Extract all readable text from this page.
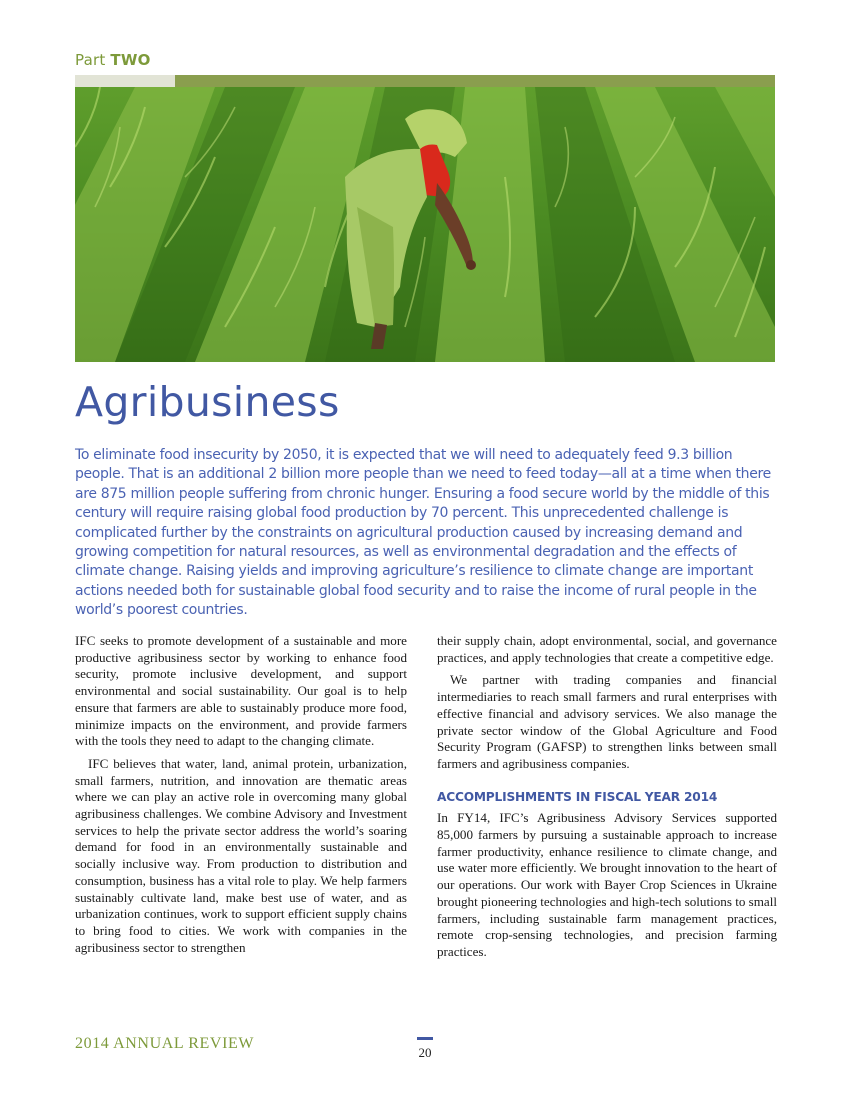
Part TWO
Agribusiness

To eliminate food insecurity by 2050, it is expected that we will need to adequately feed 9.3 billion people. That is an additional 2 billion more people than we need to feed today—all at a time when there are 875 million people suffering from chronic hunger. Ensuring a food secure world by the middle of this century will require raising global food production by 70 percent. This unprecedented challenge is complicated further by the constraints on agricultural production caused by increasing demand and growing competition for natural resources, as well as environmental degradation and the effects of climate change. Raising yields and improving agriculture’s resilience to climate change are important actions needed both for sustainable global food security and to raise the income of rural people in the world’s poorest countries.

IFC seeks to promote development of a sustainable and more productive agribusiness sector by working to enhance food security, promote inclusive development, and support environmental and social sustainability. Our goal is to help ensure that farmers are able to sustainably produce more food, minimize impacts on the environment, and provide farmers with the tools they need to adapt to the changing climate.

IFC believes that water, land, animal protein, urbanization, small farmers, nutrition, and innovation are thematic areas where we can play an active role in overcoming many global agribusiness challenges. We combine Advisory and Investment services to help the private sector address the world’s soaring demand for food in an environmentally sustainable and socially inclusive way. From production to distribution and consumption, business has a vital role to play. We help farmers sustainably cultivate land, make best use of water, and as urbanization continues, work to support efficient supply chains to bring food to cities. We work with companies in the agribusiness sector to strengthen

their supply chain, adopt environmental, social, and governance practices, and apply technologies that create a competitive edge.

We partner with trading companies and financial intermediaries to reach small farmers and rural enterprises with effective financial and advisory services. We also manage the private sector window of the Global Agriculture and Food Security Program (GAFSP) to strengthen links between small farmers and agribusiness companies.

ACCOMPLISHMENTS IN FISCAL YEAR 2014

In FY14, IFC’s Agribusiness Advisory Services supported 85,000 farmers by pursuing a sustainable approach to increase farmer productivity, enhance resilience to climate change, and use water more efficiently. We brought innovation to the heart of our operations. Our work with Bayer Crop Sciences in Ukraine brought pioneering technologies and high-tech solutions to small farmers, including sustainable farm management practices, remote crop-sensing technologies, and precision farming practices.

2014 ANNUAL REVIEW
20
